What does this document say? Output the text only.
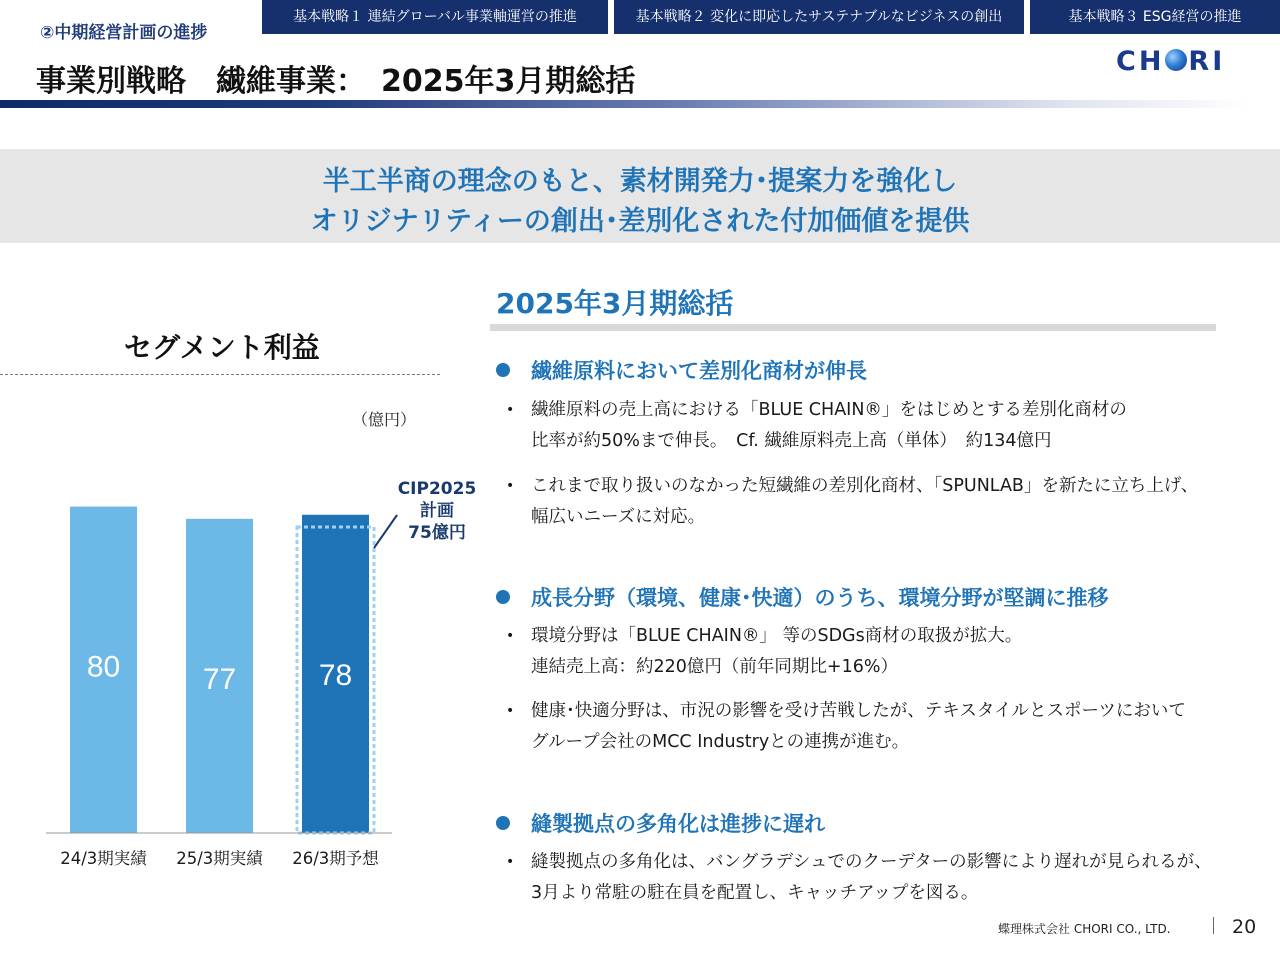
②中期経営計画の進捗
基本戦略１ 連結グローバル事業軸運営の推進	基本戦略２ 変化に即応したサステナブルなビジネスの創出	基本戦略３ ESG経営の推進
事業別戦略　繊維事業：　2025年3月期総括
CH RI
半工半商の理念のもと、素材開発力･提案力を強化し
オリジナリティーの創出･差別化された付加価値を提供
セグメント利益
（億円）
80	77	78
24/3期実績 25/3期実績 26/3期予想
CIP2025
計画
75億円
2025年3月期総括
繊維原料において差別化商材が伸長
• 繊維原料の売上高における「BLUE CHAIN®」をはじめとする差別化商材の
比率が約50%まで伸長。　Cf. 繊維原料売上高（単体）　約134億円
• これまで取り扱いのなかった短繊維の差別化商材、「SPUNLAB」を新たに立ち上げ、
幅広いニーズに対応。
成長分野（環境、健康･快適）のうち、環境分野が堅調に推移
• 環境分野は「BLUE CHAIN®」 等のSDGs商材の取扱が拡大。
連結売上高：約220億円（前年同期比+16%）
• 健康･快適分野は、市況の影響を受け苦戦したが、テキスタイルとスポーツにおいて
グループ会社のMCC Industryとの連携が進む。
縫製拠点の多角化は進捗に遅れ
• 縫製拠点の多角化は、バングラデシュでのクーデターの影響により遅れが見られるが、
3月より常駐の駐在員を配置し、キャッチアップを図る。
蝶理株式会社 CHORI CO., LTD.	20
